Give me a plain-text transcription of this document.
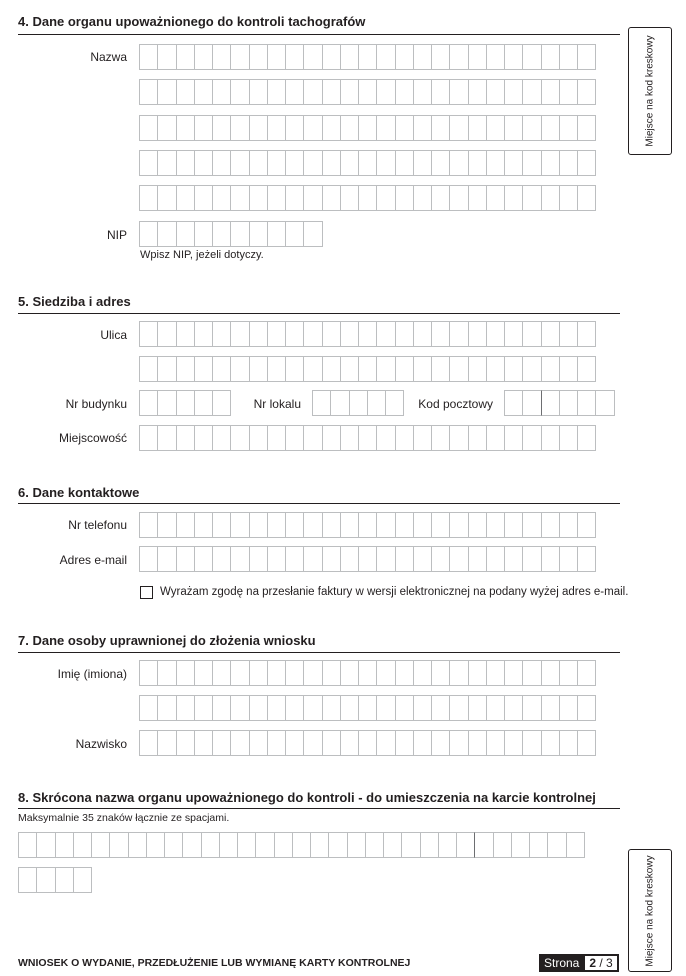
Miejsce na kod kreskowy
Miejsce na kod kreskowy
4. Dane organu upoważnionego do kontroli tachografów
Nazwa
NIP
Wpisz NIP, jeżeli dotyczy.
5. Siedziba i adres
Ulica
Nr budynku	Nr lokalu	Kod pocztowy
Miejscowość
6. Dane kontaktowe
Nr telefonu
Adres e-mail
Wyrażam zgodę na przesłanie faktury w wersji elektronicznej na podany wyżej adres e-mail.
7. Dane osoby uprawnionej do złożenia wniosku
Imię (imiona)
Nazwisko
8. Skrócona nazwa organu upoważnionego do kontroli - do umieszczenia na karcie kontrolnej
Maksymalnie 35 znaków łącznie ze spacjami.
WNIOSEK O WYDANIE, PRZEDŁUŻENIE LUB WYMIANĘ KARTY KONTROLNEJ	Strona 2
/ 3
